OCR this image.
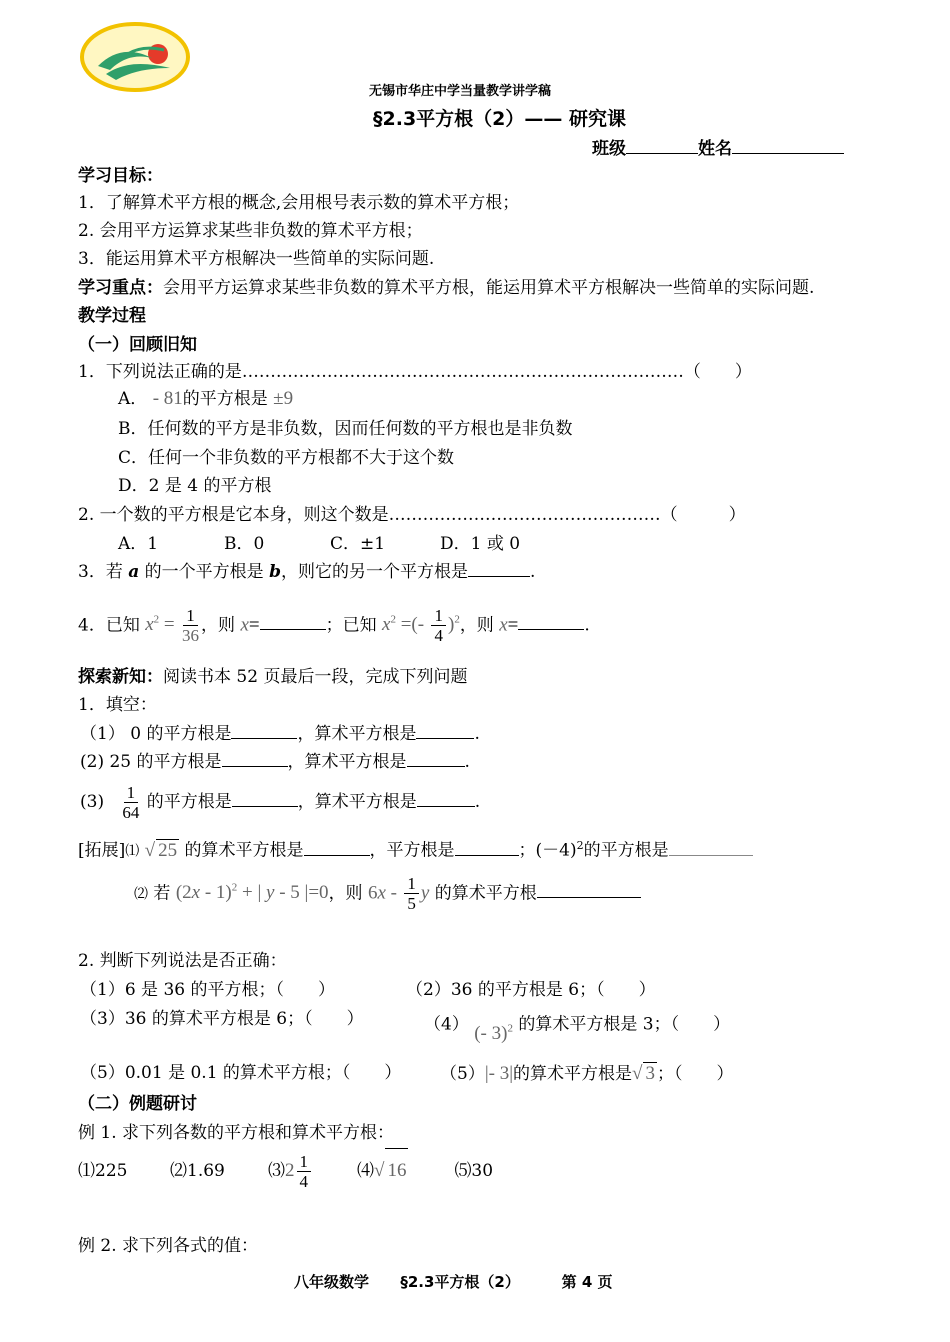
无锡市华庄中学当量教学讲学稿
§2.3平方根（2）—— 研究课
班级	姓名
学习目标：
1．了解算术平方根的概念,会用根号表示数的算术平方根；
2. 会用平方运算求某些非负数的算术平方根；
3．能运用算术平方根解决一些简单的实际问题.
学习重点：会用平方运算求某些非负数的算术平方根，能运用算术平方根解决一些简单的实际问题.
教学过程
（一）回顾旧知
1．下列说法正确的是……………………………………………………………………（　　）
A． - 81的平方根是 ±9
B．任何数的平方是非负数，因而任何数的平方根也是非负数
C．任何一个非负数的平方根都不大于这个数
D．2 是 4 的平方根
2. 一个数的平方根是它本身，则这个数是…………………………………………（　　　）
A．1	B．0	C．±1	D．1 或 0
3．若 a 的一个平方根是 b，则它的另一个平方根是	.
4．已知 $x^2 = \frac{1}{36}$ ，则 x=	；已知 $x^2$ =(- $\frac{1}{4} )^2$，则 x=	.
探索新知：阅读书本 52 页最后一段，完成下列问题
1．填空：
（1） 0 的平方根是	，算术平方根是	.
(2) 25 的平方根是	，算术平方根是	.
$(3) \frac{1}{64}$ 的平方根是	，算术平方根是	.
[拓展]⑴ √ 25 的算术平方根是	，平方根是	；$(-4)^2$的平方根是
⑵ 若 (2x - 1)$^2$ + | y - 5 |=0，则 $6x - \frac{1}{5}$ y 的算术平方根
2. 判断下列说法是否正确：
（1）6 是 36 的平方根；（　　）	（2）36 的平方根是 6；（　　）
（3）36 的算术平方根是 6；（　　）	（4） (- 3)$^2$ 的算术平方根是 3；（　　）
（5）0.01 是 0.1 的算术平方根；（　　） （5）|- 3|的算术平方根是√ 3 ；（　　）
（二）例题研讨
例 1. 求下列各数的平方根和算术平方根：
⑴225	⑵1.69	⑶2 $\frac{1}{4}$	⑷√ 16	⑸30
例 2. 求下列各式的值：
八年级数学 §2.3平方根（2）	第 4 页
